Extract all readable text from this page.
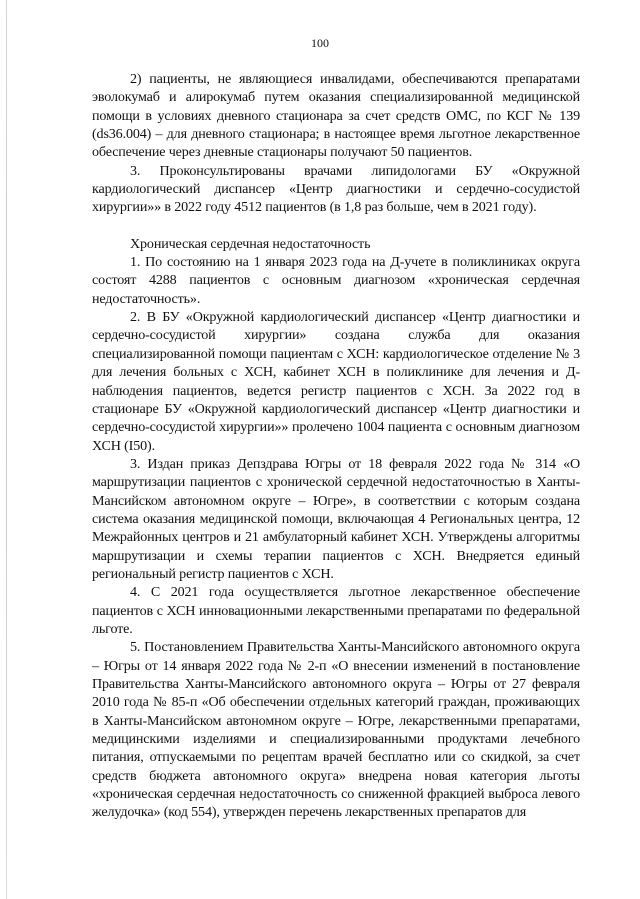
100

2) пациенты, не являющиеся инвалидами, обеспечиваются препаратами эволокумаб и алирокумаб путем оказания специализированной медицинской помощи в условиях дневного стационара за счет средств ОМС, по КСГ № 139 (ds36.004) – для дневного стационара; в настоящее время льготное лекарственное обеспечение через дневные стационары получают 50 пациентов.

3. Проконсультированы врачами липидологами БУ «Окружной кардиологический диспансер «Центр диагностики и сердечно-сосудистой хирургии»» в 2022 году 4512 пациентов (в 1,8 раз больше, чем в 2021 году).

Хроническая сердечная недостаточность

1. По состоянию на 1 января 2023 года на Д-учете в поликлиниках округа состоят 4288 пациентов с основным диагнозом «хроническая сердечная недостаточность».

2. В БУ «Окружной кардиологический диспансер «Центр диагностики и сердечно-сосудистой хирургии» создана служба для оказания специализированной помощи пациентам с ХСН: кардиологическое отделение № 3 для лечения больных с ХСН, кабинет ХСН в поликлинике для лечения и Д-наблюдения пациентов, ведется регистр пациентов с ХСН. За 2022 год в стационаре БУ «Окружной кардиологический диспансер «Центр диагностики и сердечно-сосудистой хирургии»» пролечено 1004 пациента с основным диагнозом ХСН (I50).

3. Издан приказ Депздрава Югры от 18 февраля 2022 года № 314 «О маршрутизации пациентов с хронической сердечной недостаточностью в Ханты-Мансийском автономном округе – Югре», в соответствии с которым создана система оказания медицинской помощи, включающая 4 Региональных центра, 12 Межрайонных центров и 21 амбулаторный кабинет ХСН. Утверждены алгоритмы маршрутизации и схемы терапии пациентов с ХСН. Внедряется единый региональный регистр пациентов с ХСН.

4. С 2021 года осуществляется льготное лекарственное обеспечение пациентов с ХСН инновационными лекарственными препаратами по федеральной льготе.

5. Постановлением Правительства Ханты-Мансийского автономного округа – Югры от 14 января 2022 года № 2-п «О внесении изменений в постановление Правительства Ханты-Мансийского автономного округа – Югры от 27 февраля 2010 года № 85-п «Об обеспечении отдельных категорий граждан, проживающих в Ханты-Мансийском автономном округе – Югре, лекарственными препаратами, медицинскими изделиями и специализированными продуктами лечебного питания, отпускаемыми по рецептам врачей бесплатно или со скидкой, за счет средств бюджета автономного округа» внедрена новая категория льготы «хроническая сердечная недостаточность со сниженной фракцией выброса левого желудочка» (код 554), утвержден перечень лекарственных препаратов для
